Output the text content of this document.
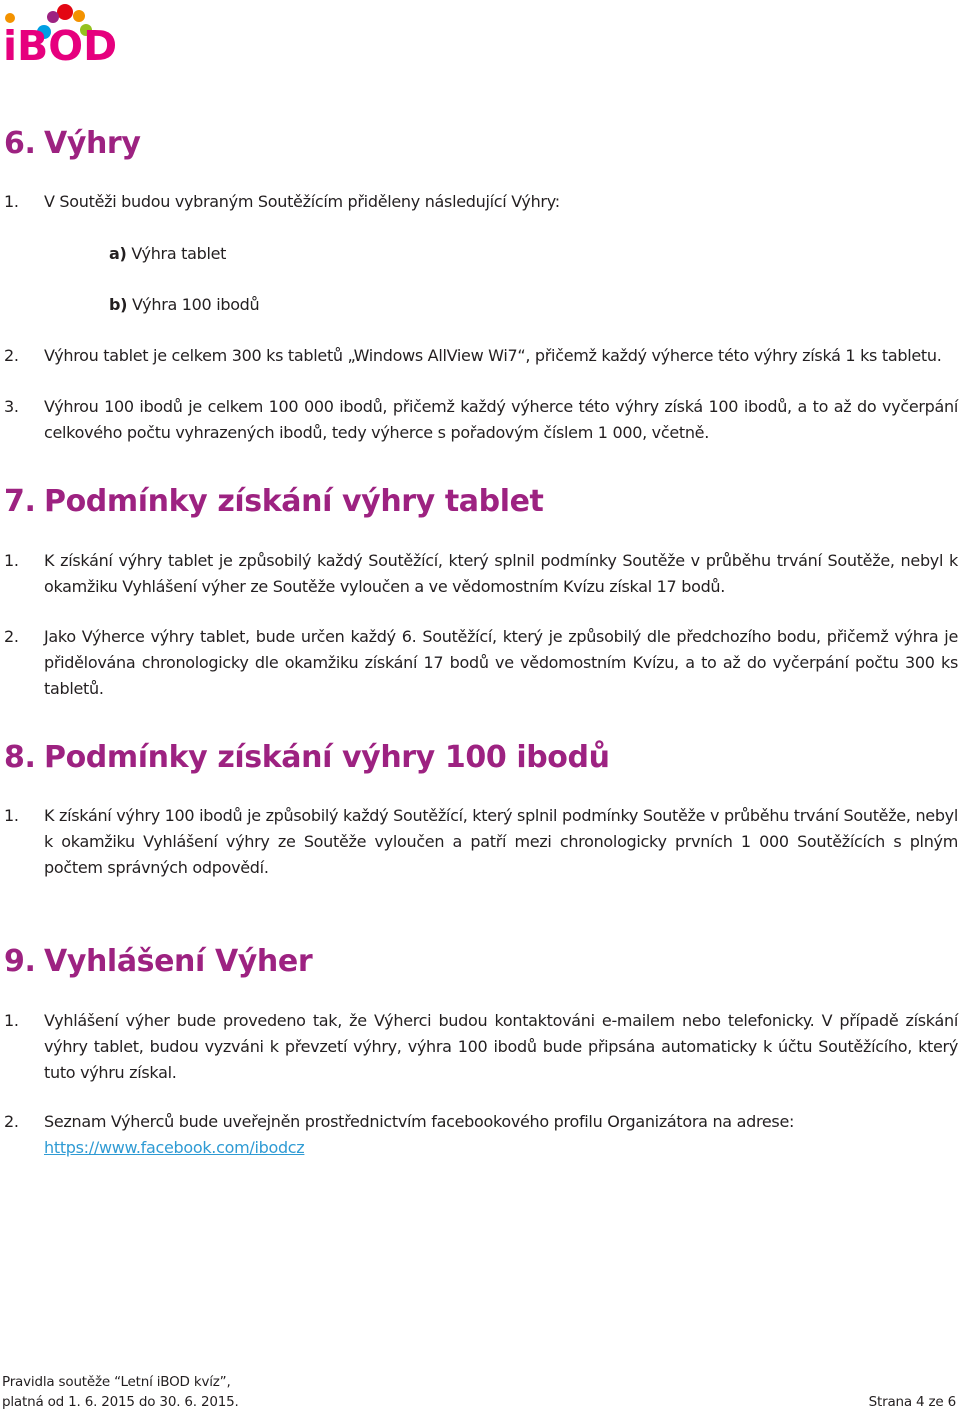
iBOD
6. Výhry
1.	V Soutěži budou vybraným Soutěžícím přiděleny následující Výhry:
a) Výhra tablet
b) Výhra 100 ibodů
2.	Výhrou tablet je celkem 300 ks tabletů „Windows AllView Wi7“, přičemž každý výherce této výhry získá 1 ks tabletu.
3.	Výhrou 100 ibodů je celkem 100 000 ibodů, přičemž každý výherce této výhry získá 100 ibodů, a to až do vyčerpání celkového počtu vyhrazených ibodů, tedy výherce s pořadovým číslem 1 000, včetně.
7. Podmínky získání výhry tablet
1.	K získání výhry tablet je způsobilý každý Soutěžící, který splnil podmínky Soutěže v průběhu trvání Soutěže, nebyl k okamžiku Vyhlášení výher ze Soutěže vyloučen a ve vědomostním Kvízu získal 17 bodů.
2.	Jako Výherce výhry tablet, bude určen každý 6. Soutěžící, který je způsobilý dle předchozího bodu, přičemž výhra je přidělována chronologicky dle okamžiku získání 17 bodů ve vědomostním Kvízu, a to až do vyčerpání počtu 300 ks tabletů.
8. Podmínky získání výhry 100 ibodů
1.	K získání výhry 100 ibodů je způsobilý každý Soutěžící, který splnil podmínky Soutěže v průběhu trvání Soutěže, nebyl k okamžiku Vyhlášení výhry ze Soutěže vyloučen a patří mezi chronologicky prvních 1 000 Soutěžících s plným počtem správných odpovědí.
9. Vyhlášení Výher
1.	Vyhlášení výher bude provedeno tak, že Výherci budou kontaktováni e-mailem nebo telefonicky. V případě získání výhry tablet, budou vyzváni k převzetí výhry, výhra 100 ibodů bude připsána automaticky k účtu Soutěžícího, který tuto výhru získal.
2.	Seznam Výherců bude uveřejněn prostřednictvím facebookového profilu Organizátora na adrese:
https://www.facebook.com/ibodcz
Pravidla soutěže “Letní iBOD kvíz”,
platná od 1. 6. 2015 do 30. 6. 2015.	Strana 4 ze 6
